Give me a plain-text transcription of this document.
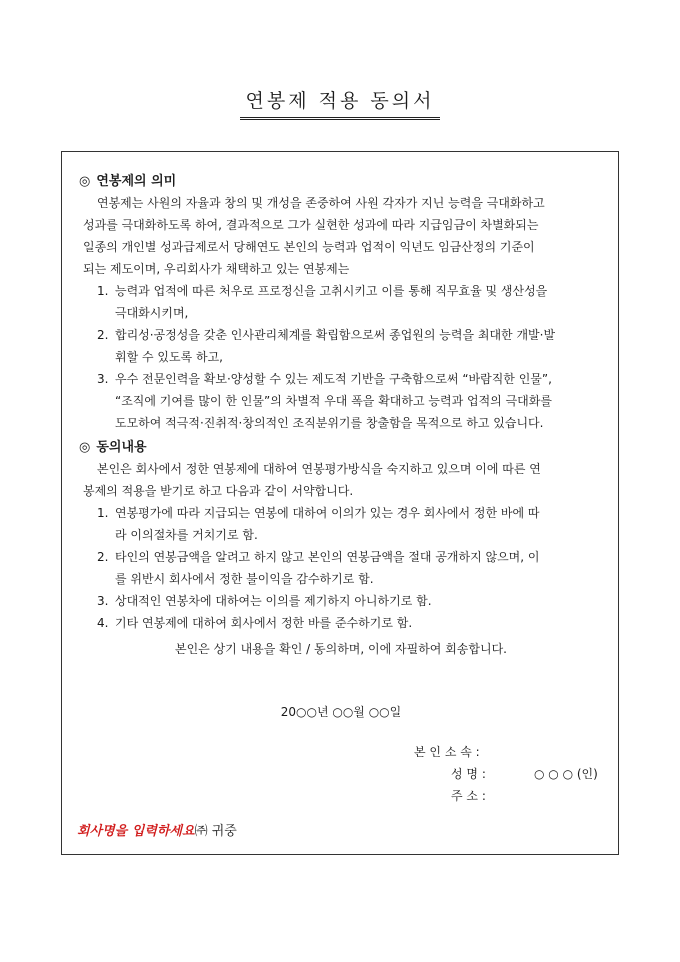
연봉제 적용 동의서
◎ 연봉제의 의미
연봉제는 사원의 자율과 창의 및 개성을 존중하여 사원 각자가 지닌 능력을 극대화하고
성과를 극대화하도록 하여, 결과적으로 그가 실현한 성과에 따라 지급임금이 차별화되는
일종의 개인별 성과급제로서 당해연도 본인의 능력과 업적이 익년도 임금산정의 기준이
되는 제도이며, 우리회사가 채택하고 있는 연봉제는
1. 능력과 업적에 따른 처우로 프로정신을 고취시키고 이를 통해 직무효율 및 생산성을
극대화시키며,
2. 합리성·공정성을 갖춘 인사관리체계를 확립함으로써 종업원의 능력을 최대한 개발·발
휘할 수 있도록 하고,
3. 우수 전문인력을 확보·양성할 수 있는 제도적 기반을 구축함으로써 “바람직한 인물”,
“조직에 기여를 많이 한 인물”의 차별적 우대 폭을 확대하고 능력과 업적의 극대화를
도모하여 적극적·진취적·창의적인 조직분위기를 창출함을 목적으로 하고 있습니다.
◎ 동의내용
본인은 회사에서 정한 연봉제에 대하여 연봉평가방식을 숙지하고 있으며 이에 따른 연
봉제의 적용을 받기로 하고 다음과 같이 서약합니다.
1. 연봉평가에 따라 지급되는 연봉에 대하여 이의가 있는 경우 회사에서 정한 바에 따
라 이의절차를 거치기로 함.
2. 타인의 연봉금액을 알려고 하지 않고 본인의 연봉금액을 절대 공개하지 않으며, 이
를 위반시 회사에서 정한 불이익을 감수하기로 함.
3. 상대적인 연봉차에 대하여는 이의를 제기하지 아니하기로 함.
4. 기타 연봉제에 대하여 회사에서 정한 바를 준수하기로 함.
본인은 상기 내용을 확인 / 동의하며, 이에 자필하여 회송합니다.
20○○년 ○○월 ○○일
본 인 소 속 :
성 명 :	○ ○ ○ (인)
주 소 :
회사명을 입력하세요㈜ 귀중
